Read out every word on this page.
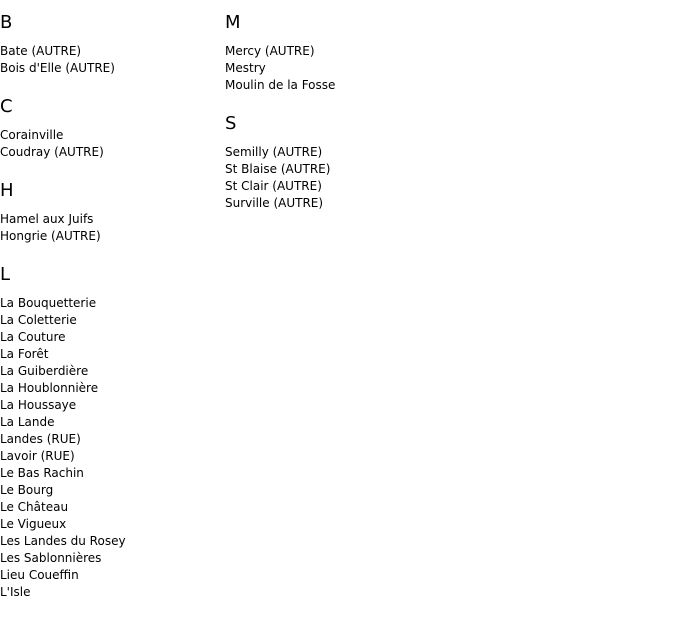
B
Bate (AUTRE)
Bois d'Elle (AUTRE)
C
Corainville
Coudray (AUTRE)
H
Hamel aux Juifs
Hongrie (AUTRE)
L
La Bouquetterie
La Coletterie
La Couture
La Forêt
La Guiberdière
La Houblonnière
La Houssaye
La Lande
Landes (RUE)
Lavoir (RUE)
Le Bas Rachin
Le Bourg
Le Château
Le Vigueux
Les Landes du Rosey
Les Sablonnières
Lieu Coueffin
L'Isle
M
Mercy (AUTRE)
Mestry
Moulin de la Fosse
S
Semilly (AUTRE)
St Blaise (AUTRE)
St Clair (AUTRE)
Surville (AUTRE)
